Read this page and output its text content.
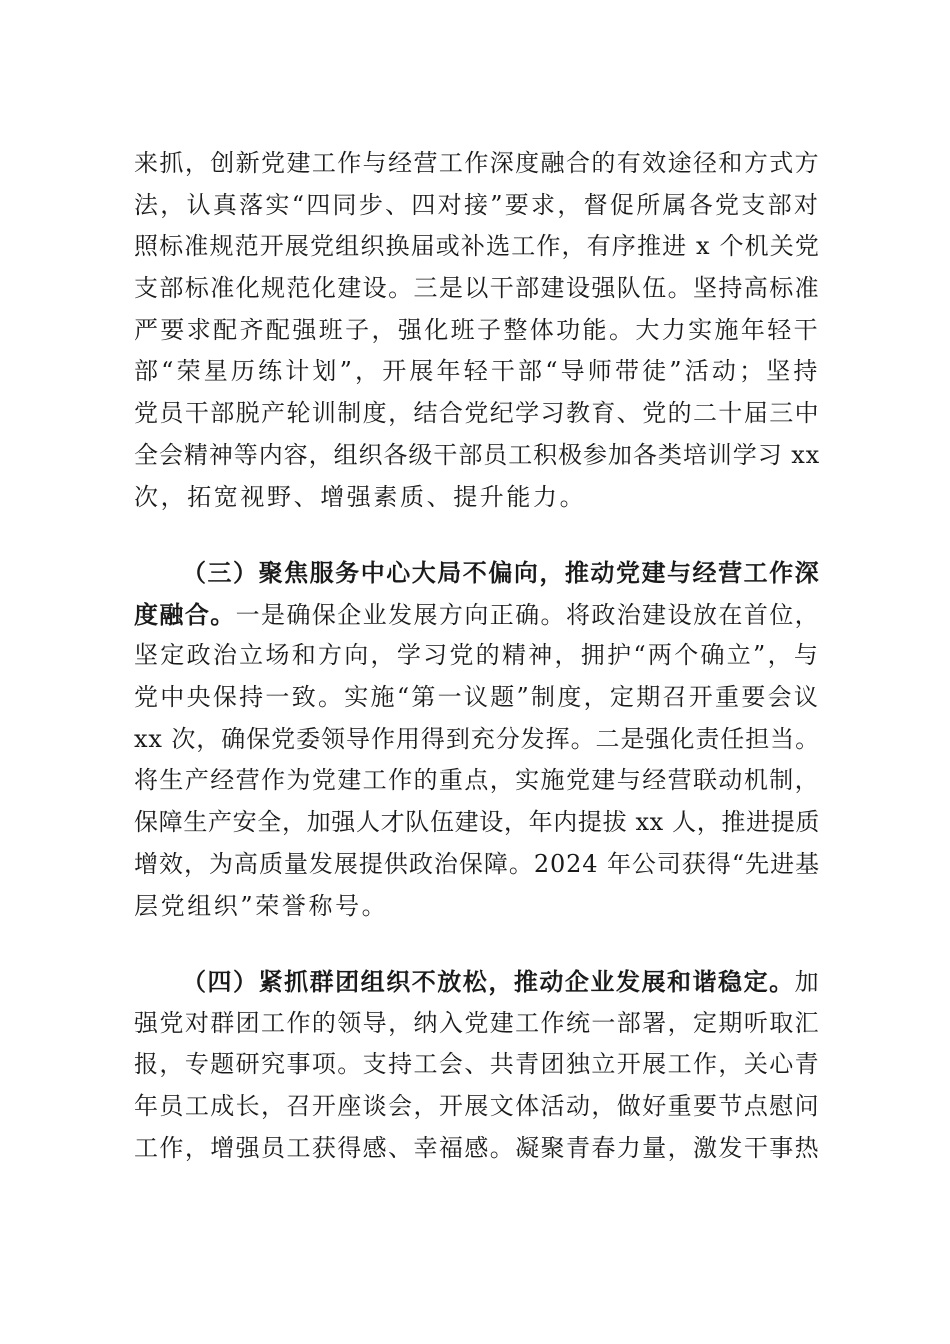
来抓，创新党建工作与经营工作深度融合的有效途径和方式方
法，认真落实“四同步、四对接”要求，督促所属各党支部对
照标准规范开展党组织换届或补选工作，有序推进 x 个机关党
支部标准化规范化建设。三是以干部建设强队伍。坚持高标准
严要求配齐配强班子，强化班子整体功能。大力实施年轻干
部“荣星历练计划”，开展年轻干部“导师带徒”活动；坚持
党员干部脱产轮训制度，结合党纪学习教育、党的二十届三中
全会精神等内容，组织各级干部员工积极参加各类培训学习 xx
次，拓宽视野、增强素质、提升能力。
（三）聚焦服务中心大局不偏向，推动党建与经营工作深
度融合。一是确保企业发展方向正确。将政治建设放在首位，
坚定政治立场和方向，学习党的精神，拥护“两个确立”，与
党中央保持一致。实施“第一议题”制度，定期召开重要会议
xx 次，确保党委领导作用得到充分发挥。二是强化责任担当。
将生产经营作为党建工作的重点，实施党建与经营联动机制，
保障生产安全，加强人才队伍建设，年内提拔 xx 人，推进提质
增效，为高质量发展提供政治保障。2024 年公司获得“先进基
层党组织”荣誉称号。
（四）紧抓群团组织不放松，推动企业发展和谐稳定。加
强党对群团工作的领导，纳入党建工作统一部署，定期听取汇
报，专题研究事项。支持工会、共青团独立开展工作，关心青
年员工成长，召开座谈会，开展文体活动，做好重要节点慰问
工作，增强员工获得感、幸福感。凝聚青春力量，激发干事热
